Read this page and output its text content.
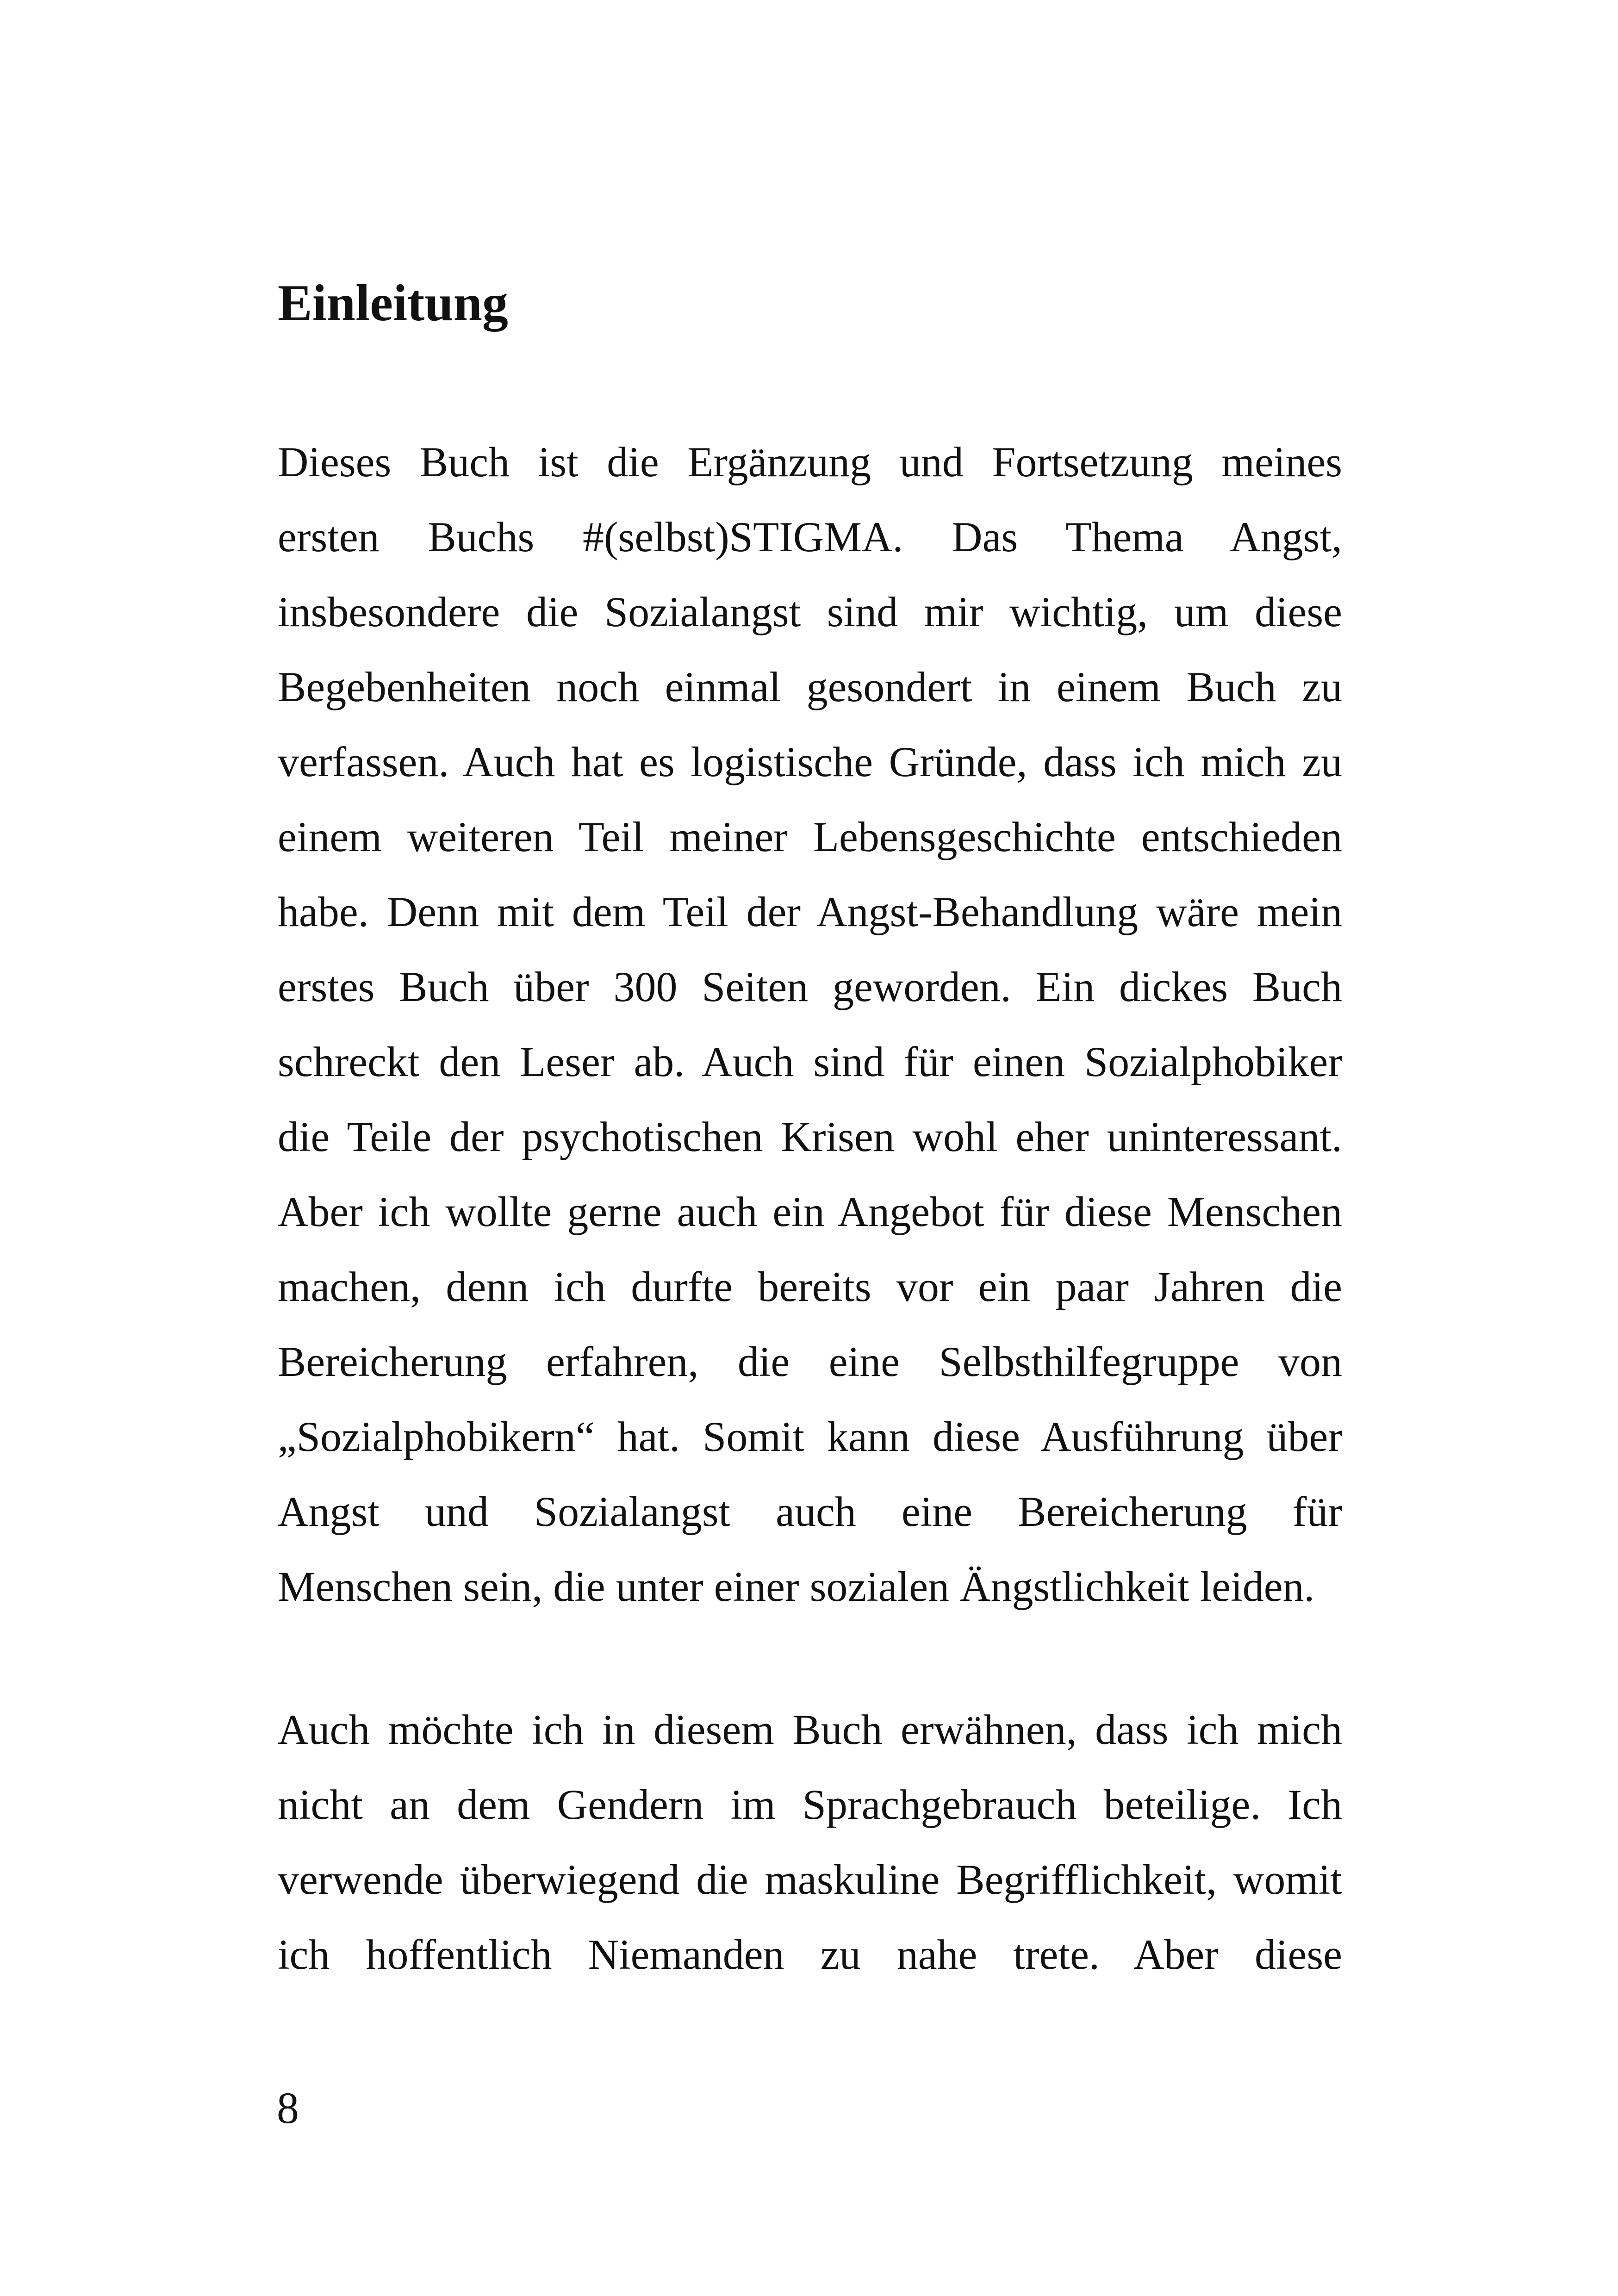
Einleitung
Dieses Buch ist die Ergänzung und Fortsetzung meines
ersten Buchs #(selbst)STIGMA. Das Thema Angst,
insbesondere die Sozialangst sind mir wichtig, um diese
Begebenheiten noch einmal gesondert in einem Buch zu
verfassen. Auch hat es logistische Gründe, dass ich mich zu
einem weiteren Teil meiner Lebensgeschichte entschieden
habe. Denn mit dem Teil der Angst-Behandlung wäre mein
erstes Buch über 300 Seiten geworden. Ein dickes Buch
schreckt den Leser ab. Auch sind für einen Sozialphobiker
die Teile der psychotischen Krisen wohl eher uninteressant.
Aber ich wollte gerne auch ein Angebot für diese Menschen
machen, denn ich durfte bereits vor ein paar Jahren die
Bereicherung erfahren, die eine Selbsthilfegruppe von
„Sozialphobikern“ hat. Somit kann diese Ausführung über
Angst und Sozialangst auch eine Bereicherung für
Menschen sein, die unter einer sozialen Ängstlichkeit leiden.
Auch möchte ich in diesem Buch erwähnen, dass ich mich
nicht an dem Gendern im Sprachgebrauch beteilige. Ich
verwende überwiegend die maskuline Begrifflichkeit, womit
ich hoffentlich Niemanden zu nahe trete. Aber diese
8
